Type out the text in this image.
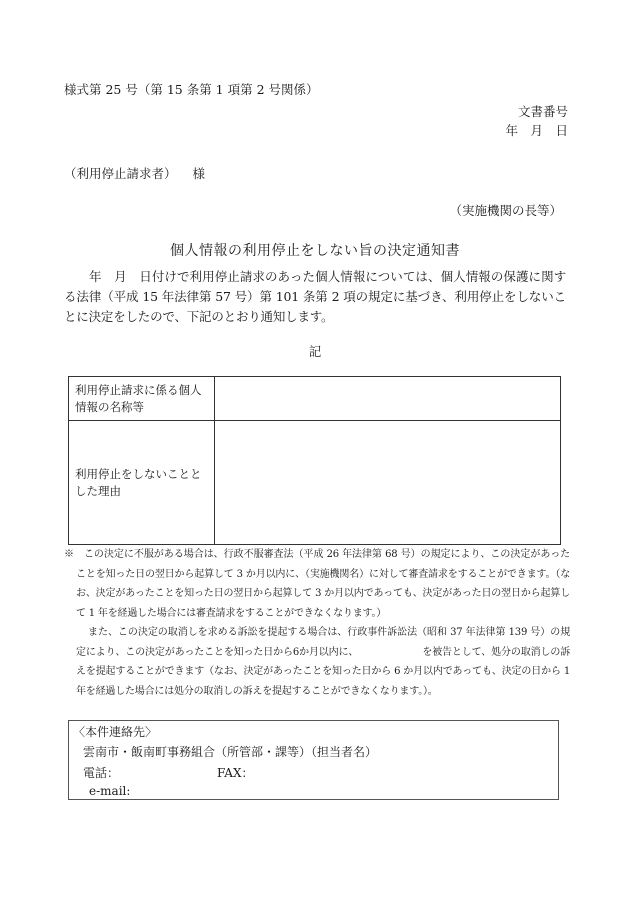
様式第 25 号（第 15 条第 1 項第 2 号関係）
文書番号
年　月　日
（利用停止請求者） 様
（実施機関の長等）
個人情報の利用停止をしない旨の決定通知書
年　月　日付けで利用停止請求のあった個人情報については、個人情報の保護に関する法律（平成 15 年法律第 57 号）第 101 条第 2 項の規定に基づき、利用停止をしないことに決定をしたので、下記のとおり通知します。
記
利用停止請求に係る個人情報の名称等	
利用停止をしないこととした理由	

※　この決定に不服がある場合は、行政不服審査法（平成 26 年法律第 68 号）の規定により、この決定があったことを知った日の翌日から起算して 3 か月以内に、（実施機関名）に対して審査請求をすることができます。（なお、決定があったことを知った日の翌日から起算して 3 か月以内であっても、決定があった日の翌日から起算して 1 年を経過した場合には審査請求をすることができなくなります。）

また、この決定の取消しを求める訴訟を提起する場合は、行政事件訴訟法（昭和 37 年法律第 139 号）の規定により、この決定があったことを知った日から6か月以内に、	を被告として、処分の取消しの訴えを提起することができます（なお、決定があったことを知った日から 6 か月以内であっても、決定の日から 1 年を経過した場合には処分の取消しの訴えを提起することができなくなります。）。

〈本件連絡先〉
雲南市・飯南町事務組合（所管部・課等）（担当者名）
電話：	FAX：
e-mail:
